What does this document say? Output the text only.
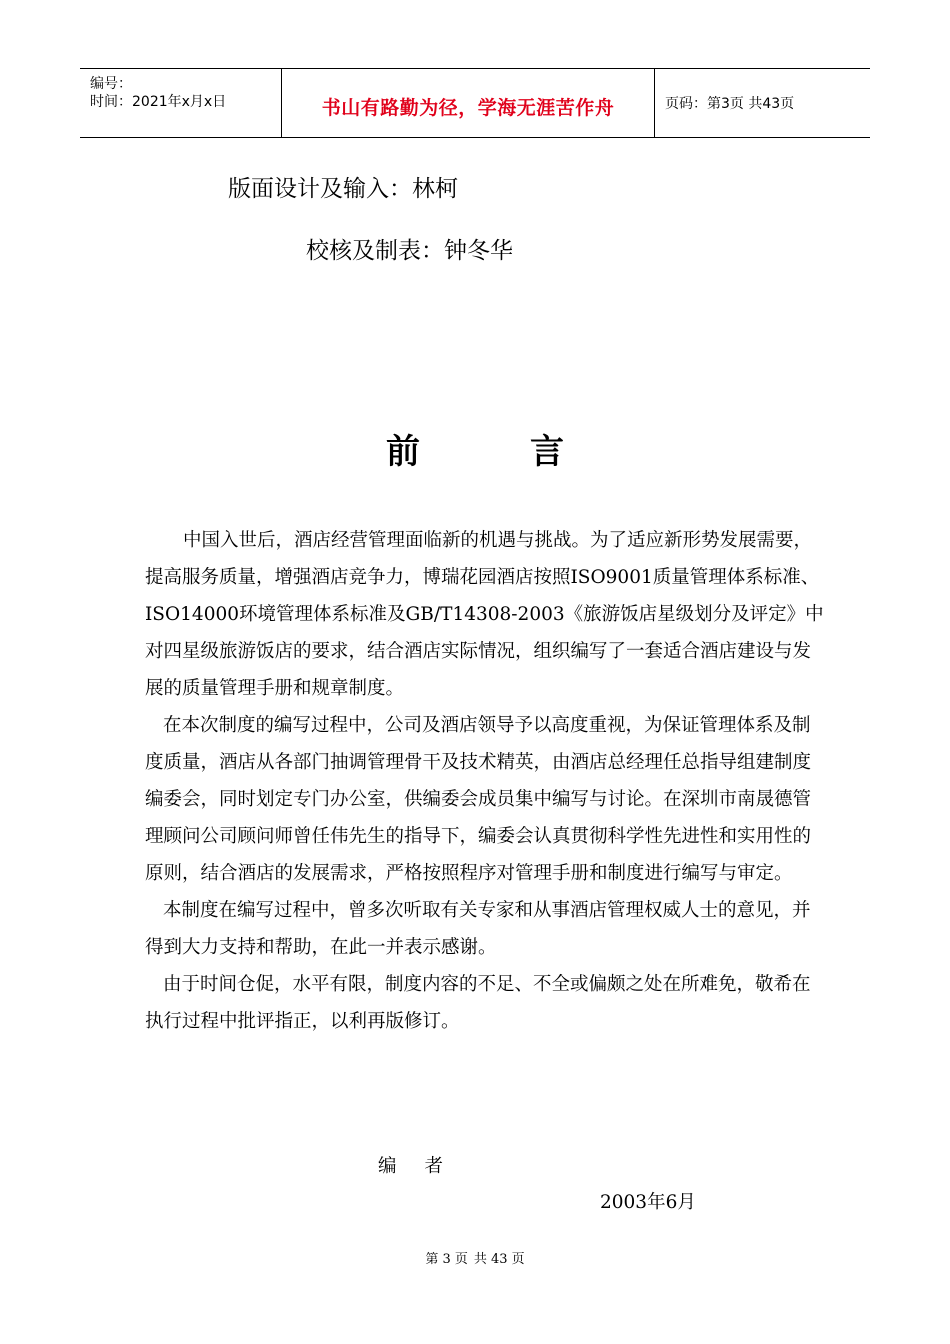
编号：
时间：2021年x月x日	书山有路勤为径，学海无涯苦作舟	页码：第3页 共43页
版面设计及输入：林柯
校核及制表：钟冬华
前	言

中国入世后，酒店经营管理面临新的机遇与挑战。为了适应新形势发展需要，提高服务质量，增强酒店竞争力，博瑞花园酒店按照ISO9001质量管理体系标准、ISO14000环境管理体系标准及GB/T14308-2003《旅游饭店星级划分及评定》中对四星级旅游饭店的要求，结合酒店实际情况，组织编写了一套适合酒店建设与发展的质量管理手册和规章制度。

在本次制度的编写过程中，公司及酒店领导予以高度重视，为保证管理体系及制度质量，酒店从各部门抽调管理骨干及技术精英，由酒店总经理任总指导组建制度编委会，同时划定专门办公室，供编委会成员集中编写与讨论。在深圳市南晟德管理顾问公司顾问师曾任伟先生的指导下，编委会认真贯彻科学性先进性和实用性的原则，结合酒店的发展需求，严格按照程序对管理手册和制度进行编写与审定。

本制度在编写过程中，曾多次听取有关专家和从事酒店管理权威人士的意见，并得到大力支持和帮助，在此一并表示感谢。

由于时间仓促，水平有限，制度内容的不足、不全或偏颇之处在所难免，敬希在执行过程中批评指正，以利再版修订。

编 者
2003年6月
第 3 页 共 43 页
